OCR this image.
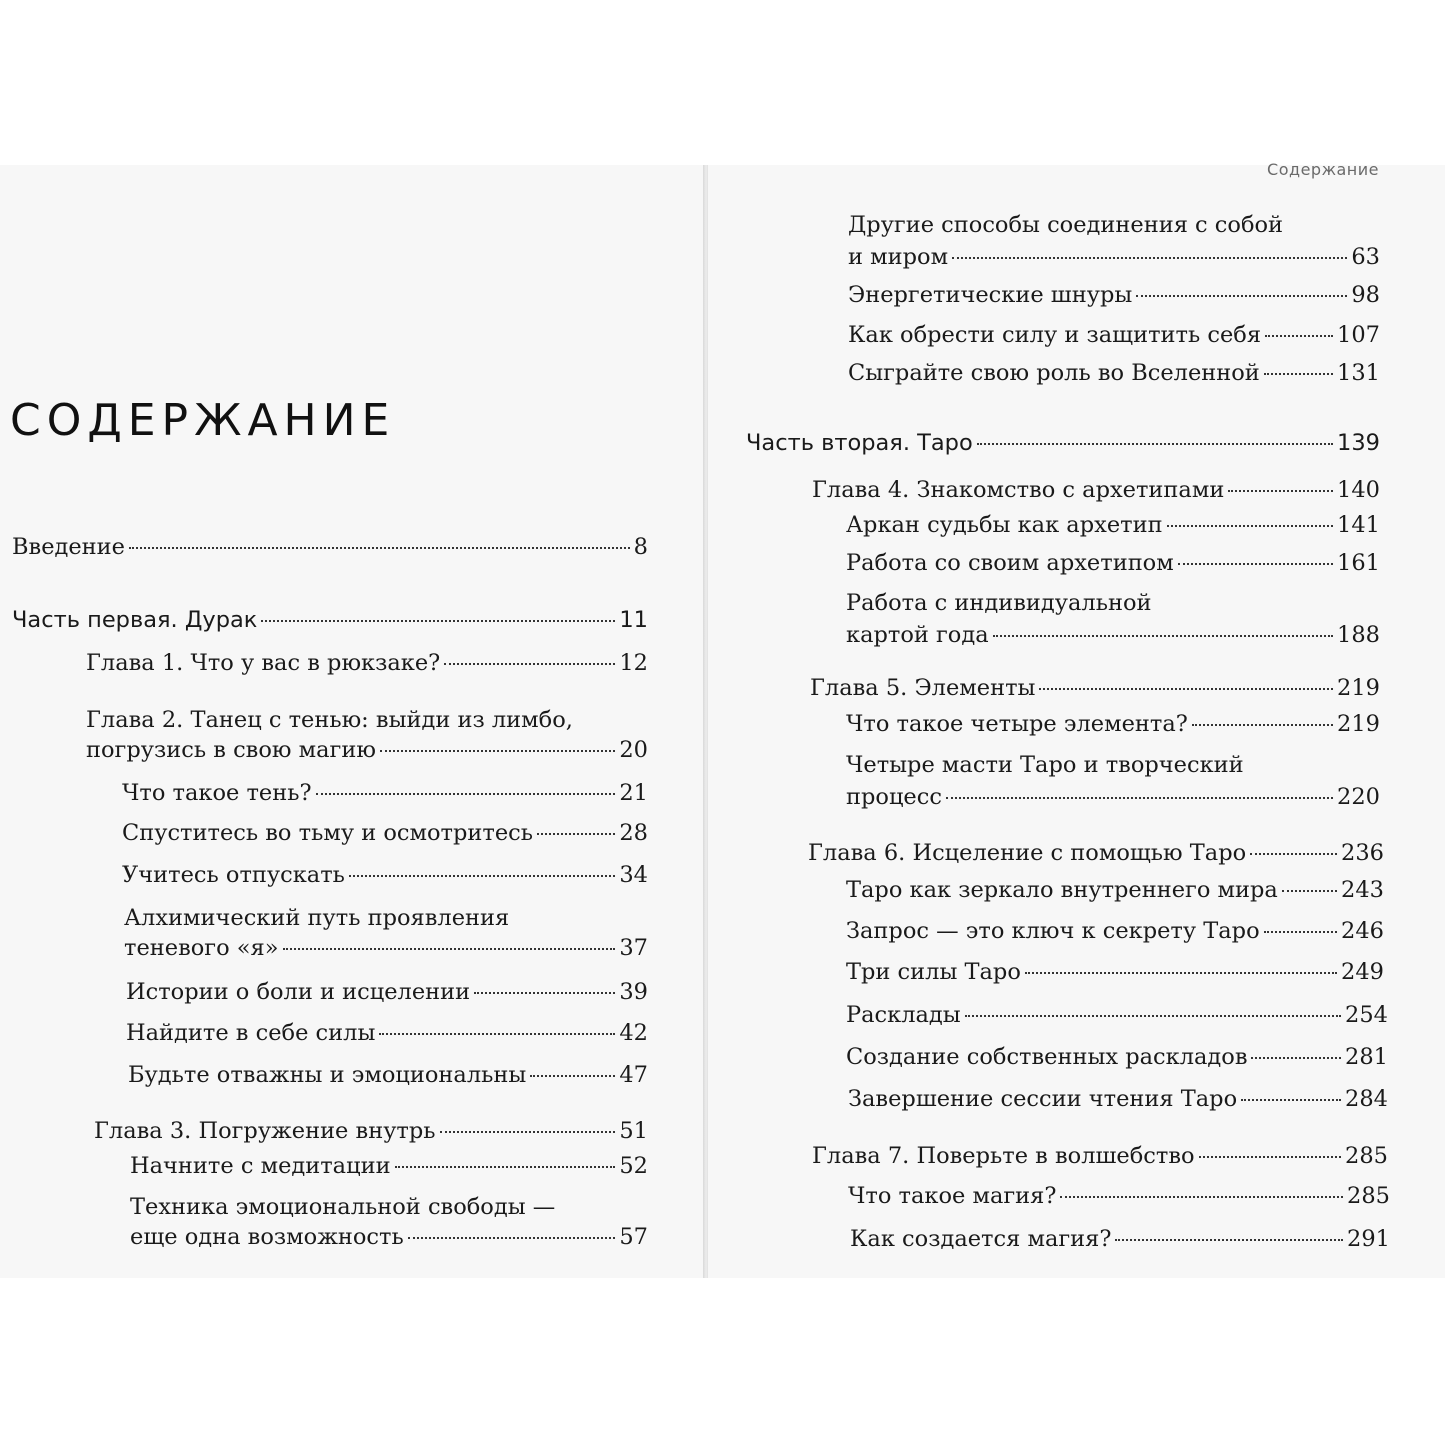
Содержание
СОДЕРЖАНИЕ
Введение	8
Часть первая. Дурак	11
Глава 1. Что у вас в рюкзаке?	12
Глава 2. Танец с тенью: выйди из лимбо,
погрузись в свою магию	20
Что такое тень?	21
Спуститесь во тьму и осмотритесь	28
Учитесь отпускать	34
Алхимический путь проявления
теневого «я»	37
Истории о боли и исцелении	39
Найдите в себе силы	42
Будьте отважны и эмоциональны	47
Глава 3. Погружение внутрь	51
Начните с медитации	52
Техника эмоциональной свободы —
еще одна возможность	57
Другие способы соединения с собой
и миром	63
Энергетические шнуры	98
Как обрести силу и защитить себя	107
Сыграйте свою роль во Вселенной	131
Часть вторая. Таро	139
Глава 4. Знакомство с архетипами	140
Аркан судьбы как архетип	141
Работа со своим архетипом	161
Работа с индивидуальной
картой года	188
Глава 5. Элементы	219
Что такое четыре элемента?	219
Четыре масти Таро и творческий
процесс	220
Глава 6. Исцеление с помощью Таро	236
Таро как зеркало внутреннего мира	243
Запрос — это ключ к секрету Таро	246
Три силы Таро	249
Расклады	254
Создание собственных раскладов	281
Завершение сессии чтения Таро	284
Глава 7. Поверьте в волшебство	285
Что такое магия?	285
Как создается магия?	291
